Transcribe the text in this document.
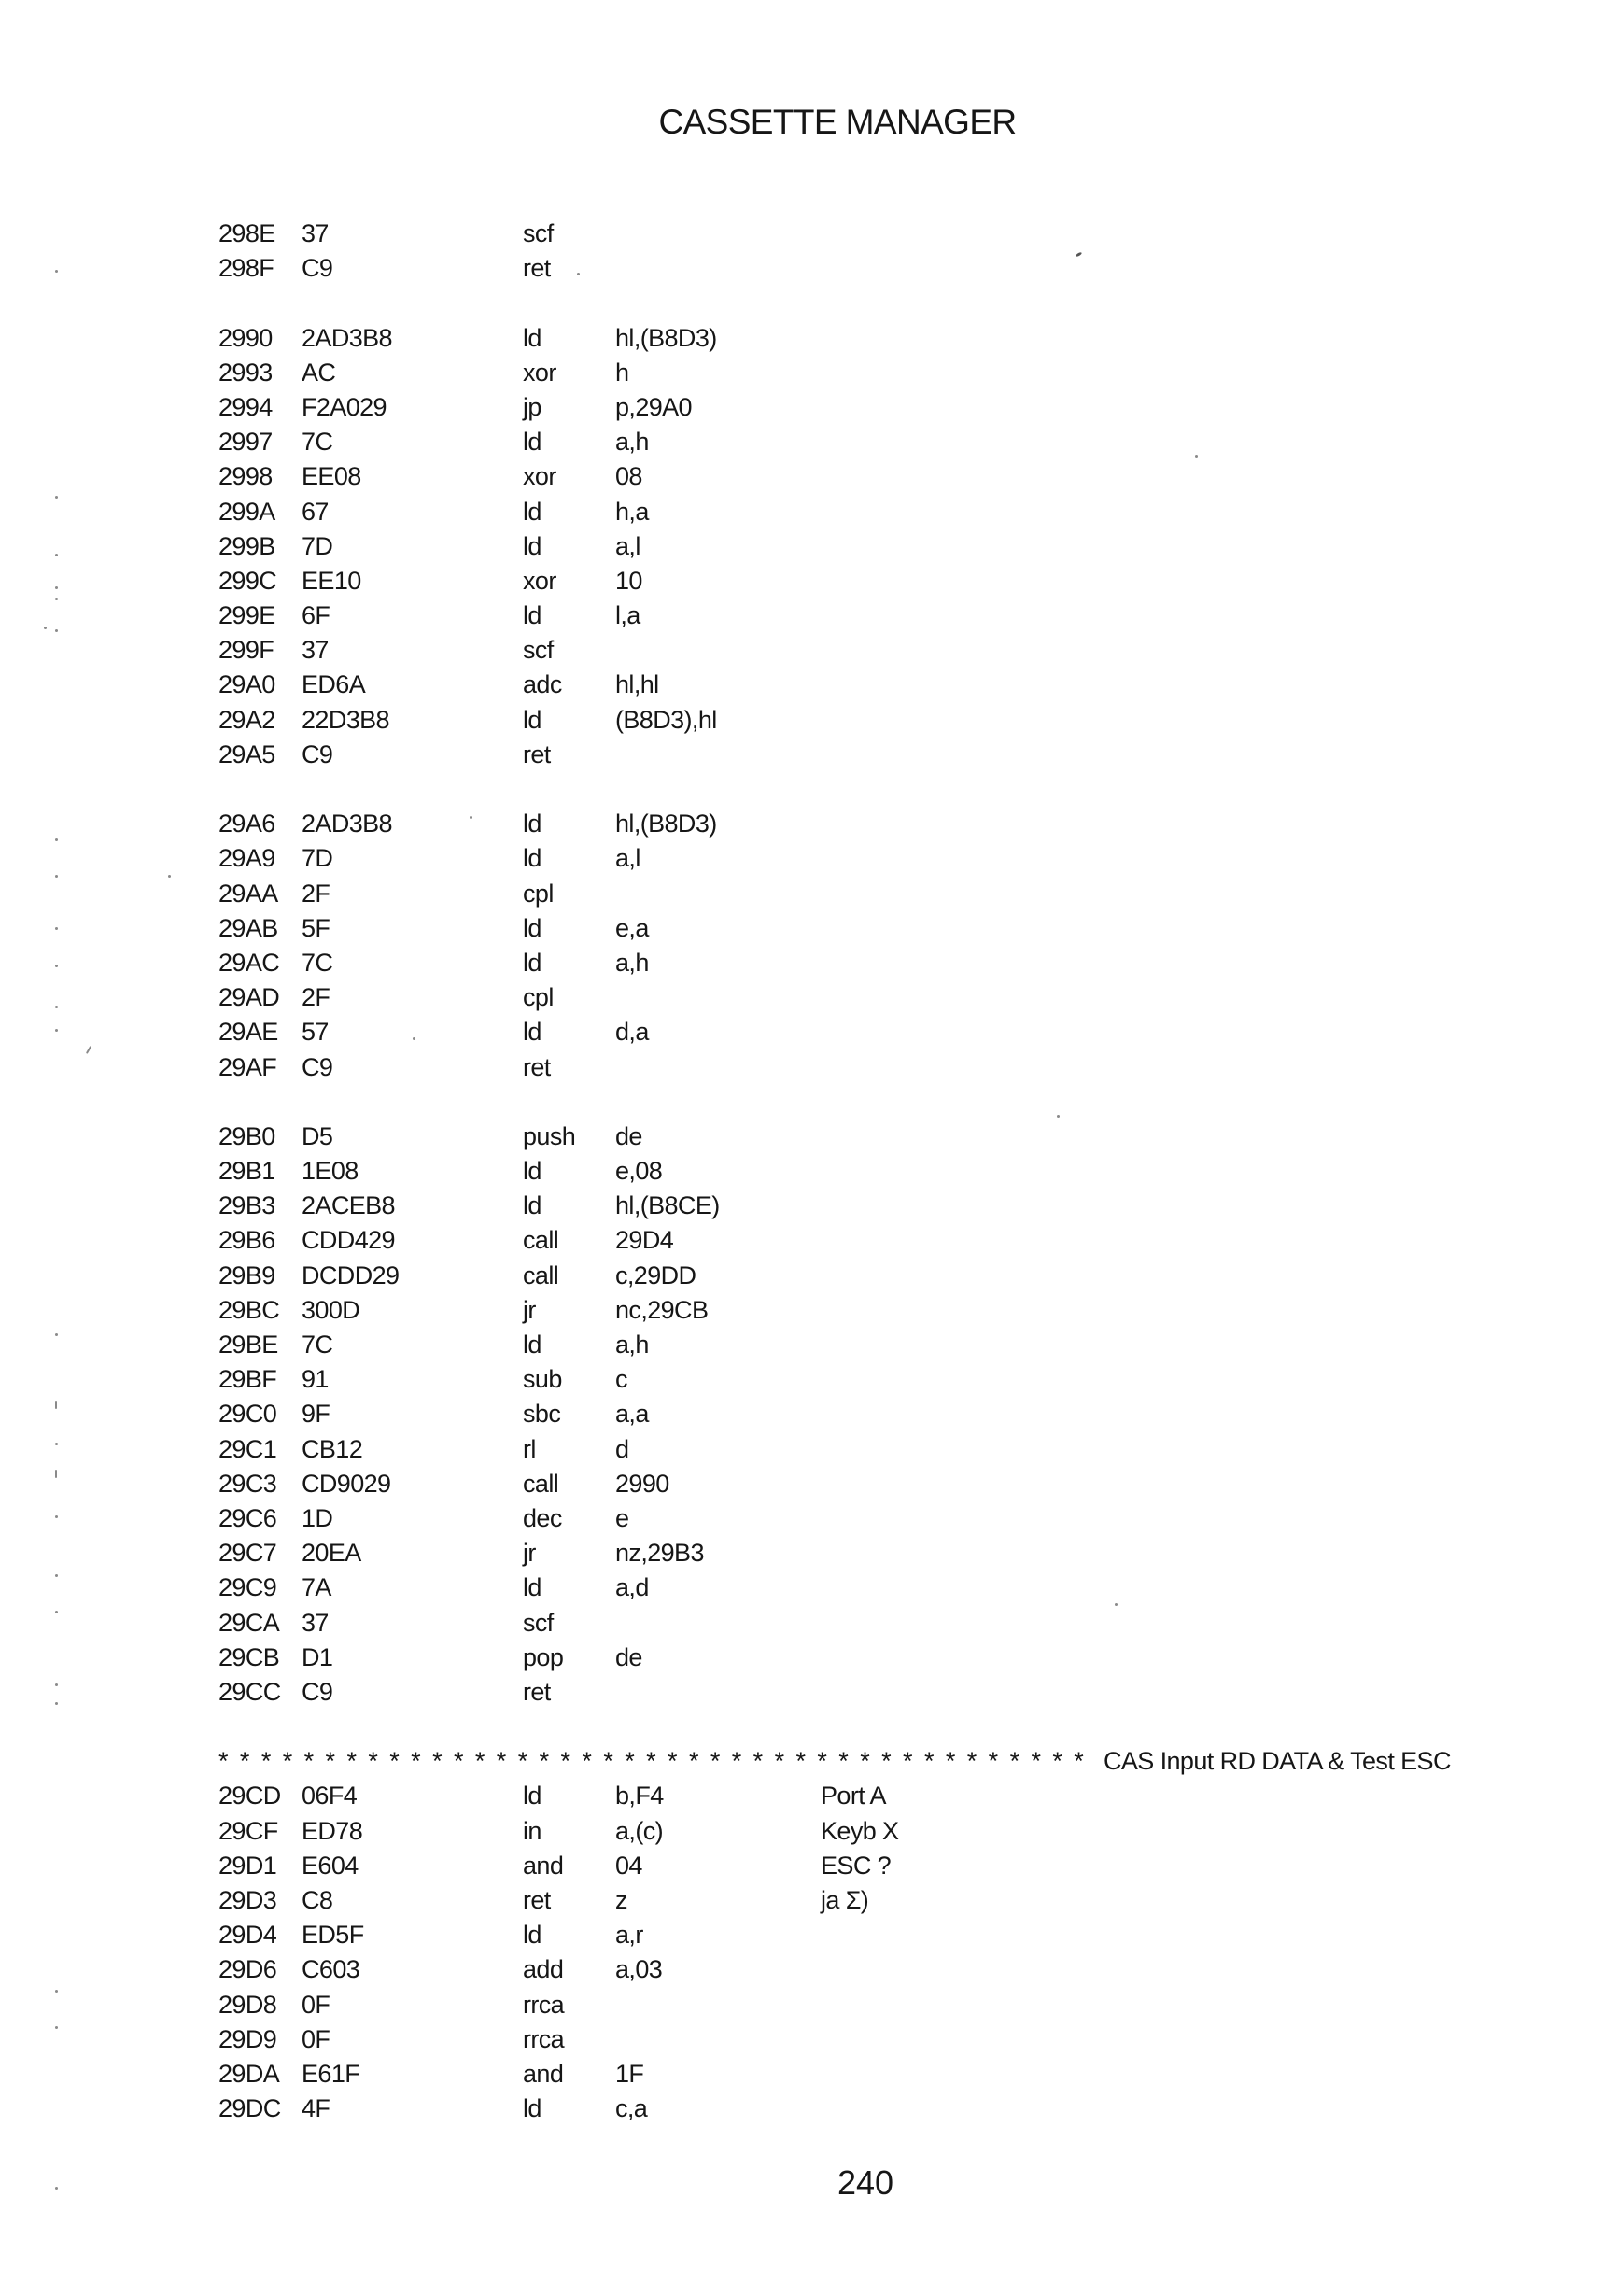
CASSETTE MANAGER
298E 37	scf
298F C9	ret
2990 2AD3B8	ld	hl,(B8D3)
2993 AC	xor h
2994 F2A029	jp	p,29A0
2997 7C	ld	a,h
2998 EE08	xor 08
299A 67	ld	h,a
299B 7D	ld	a,l
299C EE10	xor 10
299E 6F	ld	l,a
299F 37	scf
29A0 ED6A	adc hl,hl
29A2 22D3B8	ld	(B8D3),hl
29A5 C9	ret
29A6 2AD3B8	ld	hl,(B8D3)
29A9 7D	ld	a,l
29AA 2F	cpl
29AB 5F	ld	e,a
29AC 7C	ld	a,h
29AD 2F	cpl
29AE 57	ld	d,a
29AF C9	ret
29B0 D5	push de
29B1 1E08	ld	e,08
29B3 2ACEB8	ld	hl,(B8CE)
29B6 CDD429	call 29D4
29B9 DCDD29	call c,29DD
29BC 300D	jr	nc,29CB
29BE 7C	ld	a,h
29BF 91	sub c
29C0 9F	sbc a,a
29C1 CB12	rl	d
29C3 CD9029	call 2990
29C6 1D	dec e
29C7 20EA	jr	nz,29B3
29C9 7A	ld	a,d
29CA 37	scf
29CB D1	pop de
29CC C9	ret
***************************************** CAS Input RD DATA & Test ESC
29CD 06F4	ld	b,F4	Port A
29CF ED78	in	a,(c)	Keyb X
29D1 E604	and 04	ESC ?
29D3 C8	ret	z	ja Σ)
29D4 ED5F	ld	a,r
29D6 C603	add a,03
29D8 0F	rrca
29D9 0F	rrca
29DA E61F	and 1F
29DC 4F	ld	c,a
240
